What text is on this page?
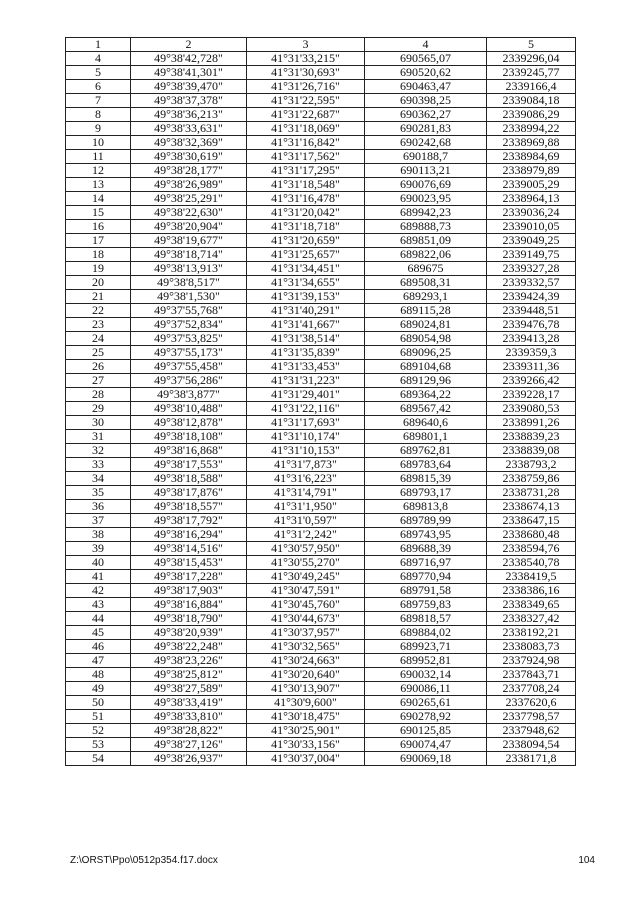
1	2	3	4	5
4	49°38'42,728"	41°31'33,215"	690565,07	2339296,04
5	49°38'41,301"	41°31'30,693"	690520,62	2339245,77
6	49°38'39,470"	41°31'26,716"	690463,47	2339166,4
7	49°38'37,378"	41°31'22,595"	690398,25	2339084,18
8	49°38'36,213"	41°31'22,687"	690362,27	2339086,29
9	49°38'33,631"	41°31'18,069"	690281,83	2338994,22
10	49°38'32,369"	41°31'16,842"	690242,68	2338969,88
11	49°38'30,619"	41°31'17,562"	690188,7	2338984,69
12	49°38'28,177"	41°31'17,295"	690113,21	2338979,89
13	49°38'26,989"	41°31'18,548"	690076,69	2339005,29
14	49°38'25,291"	41°31'16,478"	690023,95	2338964,13
15	49°38'22,630"	41°31'20,042"	689942,23	2339036,24
16	49°38'20,904"	41°31'18,718"	689888,73	2339010,05
17	49°38'19,677"	41°31'20,659"	689851,09	2339049,25
18	49°38'18,714"	41°31'25,657"	689822,06	2339149,75
19	49°38'13,913"	41°31'34,451"	689675	2339327,28
20	49°38'8,517"	41°31'34,655"	689508,31	2339332,57
21	49°38'1,530"	41°31'39,153"	689293,1	2339424,39
22	49°37'55,768"	41°31'40,291"	689115,28	2339448,51
23	49°37'52,834"	41°31'41,667"	689024,81	2339476,78
24	49°37'53,825"	41°31'38,514"	689054,98	2339413,28
25	49°37'55,173"	41°31'35,839"	689096,25	2339359,3
26	49°37'55,458"	41°31'33,453"	689104,68	2339311,36
27	49°37'56,286"	41°31'31,223"	689129,96	2339266,42
28	49°38'3,877"	41°31'29,401"	689364,22	2339228,17
29	49°38'10,488"	41°31'22,116"	689567,42	2339080,53
30	49°38'12,878"	41°31'17,693"	689640,6	2338991,26
31	49°38'18,108"	41°31'10,174"	689801,1	2338839,23
32	49°38'16,868"	41°31'10,153"	689762,81	2338839,08
33	49°38'17,553"	41°31'7,873"	689783,64	2338793,2
34	49°38'18,588"	41°31'6,223"	689815,39	2338759,86
35	49°38'17,876"	41°31'4,791"	689793,17	2338731,28
36	49°38'18,557"	41°31'1,950"	689813,8	2338674,13
37	49°38'17,792"	41°31'0,597"	689789,99	2338647,15
38	49°38'16,294"	41°31'2,242"	689743,95	2338680,48
39	49°38'14,516"	41°30'57,950"	689688,39	2338594,76
40	49°38'15,453"	41°30'55,270"	689716,97	2338540,78
41	49°38'17,228"	41°30'49,245"	689770,94	2338419,5
42	49°38'17,903"	41°30'47,591"	689791,58	2338386,16
43	49°38'16,884"	41°30'45,760"	689759,83	2338349,65
44	49°38'18,790"	41°30'44,673"	689818,57	2338327,42
45	49°38'20,939"	41°30'37,957"	689884,02	2338192,21
46	49°38'22,248"	41°30'32,565"	689923,71	2338083,73
47	49°38'23,226"	41°30'24,663"	689952,81	2337924,98
48	49°38'25,812"	41°30'20,640"	690032,14	2337843,71
49	49°38'27,589"	41°30'13,907"	690086,11	2337708,24
50	49°38'33,419"	41°30'9,600"	690265,61	2337620,6
51	49°38'33,810"	41°30'18,475"	690278,92	2337798,57
52	49°38'28,822"	41°30'25,901"	690125,85	2337948,62
53	49°38'27,126"	41°30'33,156"	690074,47	2338094,54
54	49°38'26,937"	41°30'37,004"	690069,18	2338171,8
Z:\ORST\Ppo\0512p354.f17.docx	104
